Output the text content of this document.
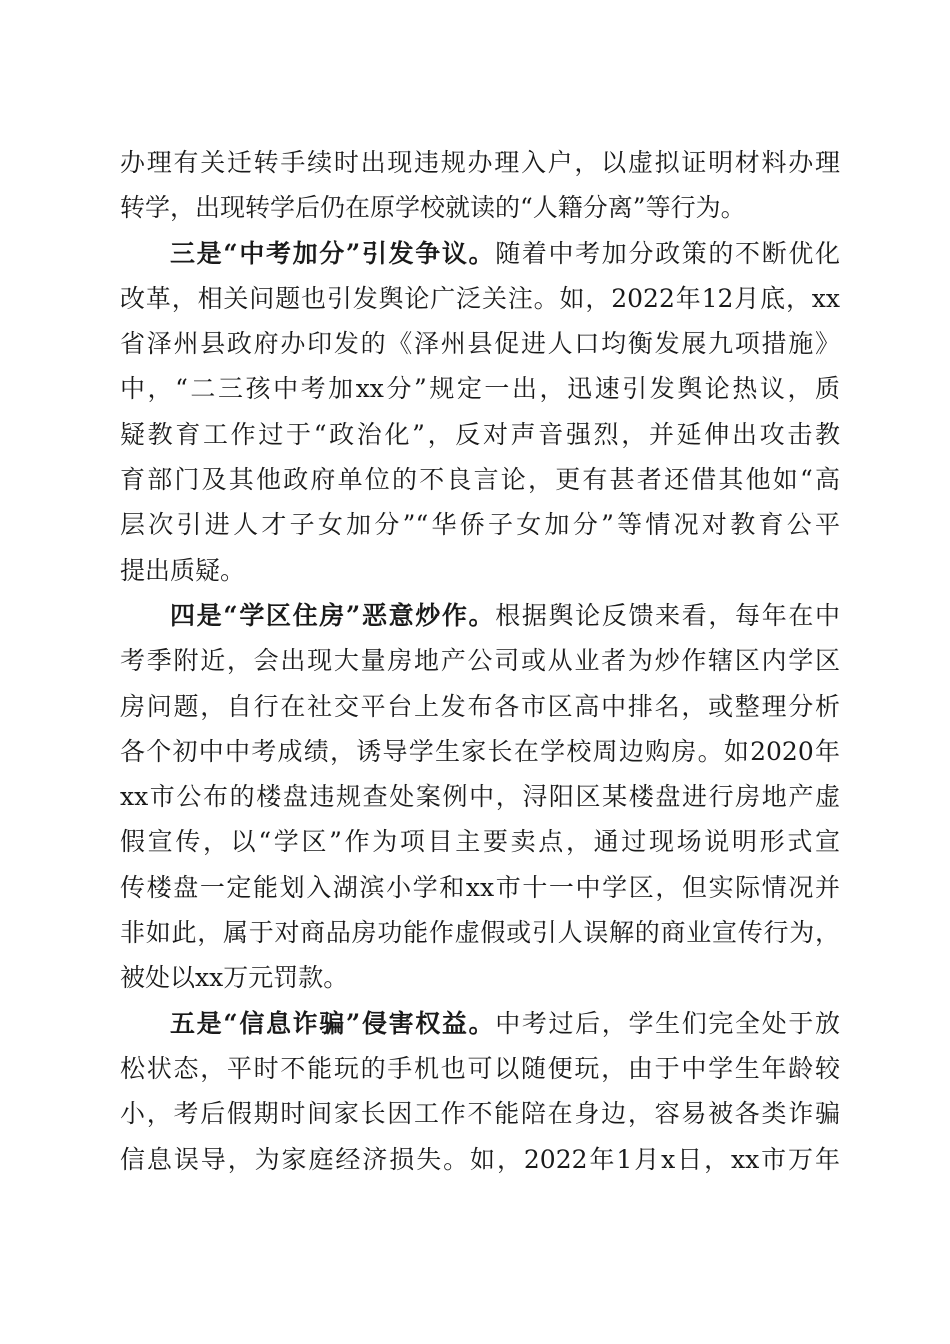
办理有关迁转手续时出现违规办理入户，以虚拟证明材料办理
转学，出现转学后仍在原学校就读的“人籍分离”等行为。
三是“中考加分”引发争议。随着中考加分政策的不断优化
改革，相关问题也引发舆论广泛关注。如，2022年12月底，xx
省泽州县政府办印发的《泽州县促进人口均衡发展九项措施》
中，“二三孩中考加xx分”规定一出，迅速引发舆论热议，质
疑教育工作过于“政治化”，反对声音强烈，并延伸出攻击教
育部门及其他政府单位的不良言论，更有甚者还借其他如“高
层次引进人才子女加分”“华侨子女加分”等情况对教育公平
提出质疑。
四是“学区住房”恶意炒作。根据舆论反馈来看，每年在中
考季附近，会出现大量房地产公司或从业者为炒作辖区内学区
房问题，自行在社交平台上发布各市区高中排名，或整理分析
各个初中中考成绩，诱导学生家长在学校周边购房。如2020年
xx市公布的楼盘违规查处案例中，浔阳区某楼盘进行房地产虚
假宣传，以“学区”作为项目主要卖点，通过现场说明形式宣
传楼盘一定能划入湖滨小学和xx市十一中学区，但实际情况并
非如此，属于对商品房功能作虚假或引人误解的商业宣传行为，
被处以xx万元罚款。
五是“信息诈骗”侵害权益。中考过后，学生们完全处于放
松状态，平时不能玩的手机也可以随便玩，由于中学生年龄较
小，考后假期时间家长因工作不能陪在身边，容易被各类诈骗
信息误导，为家庭经济损失。如，2022年1月x日，xx市万年
